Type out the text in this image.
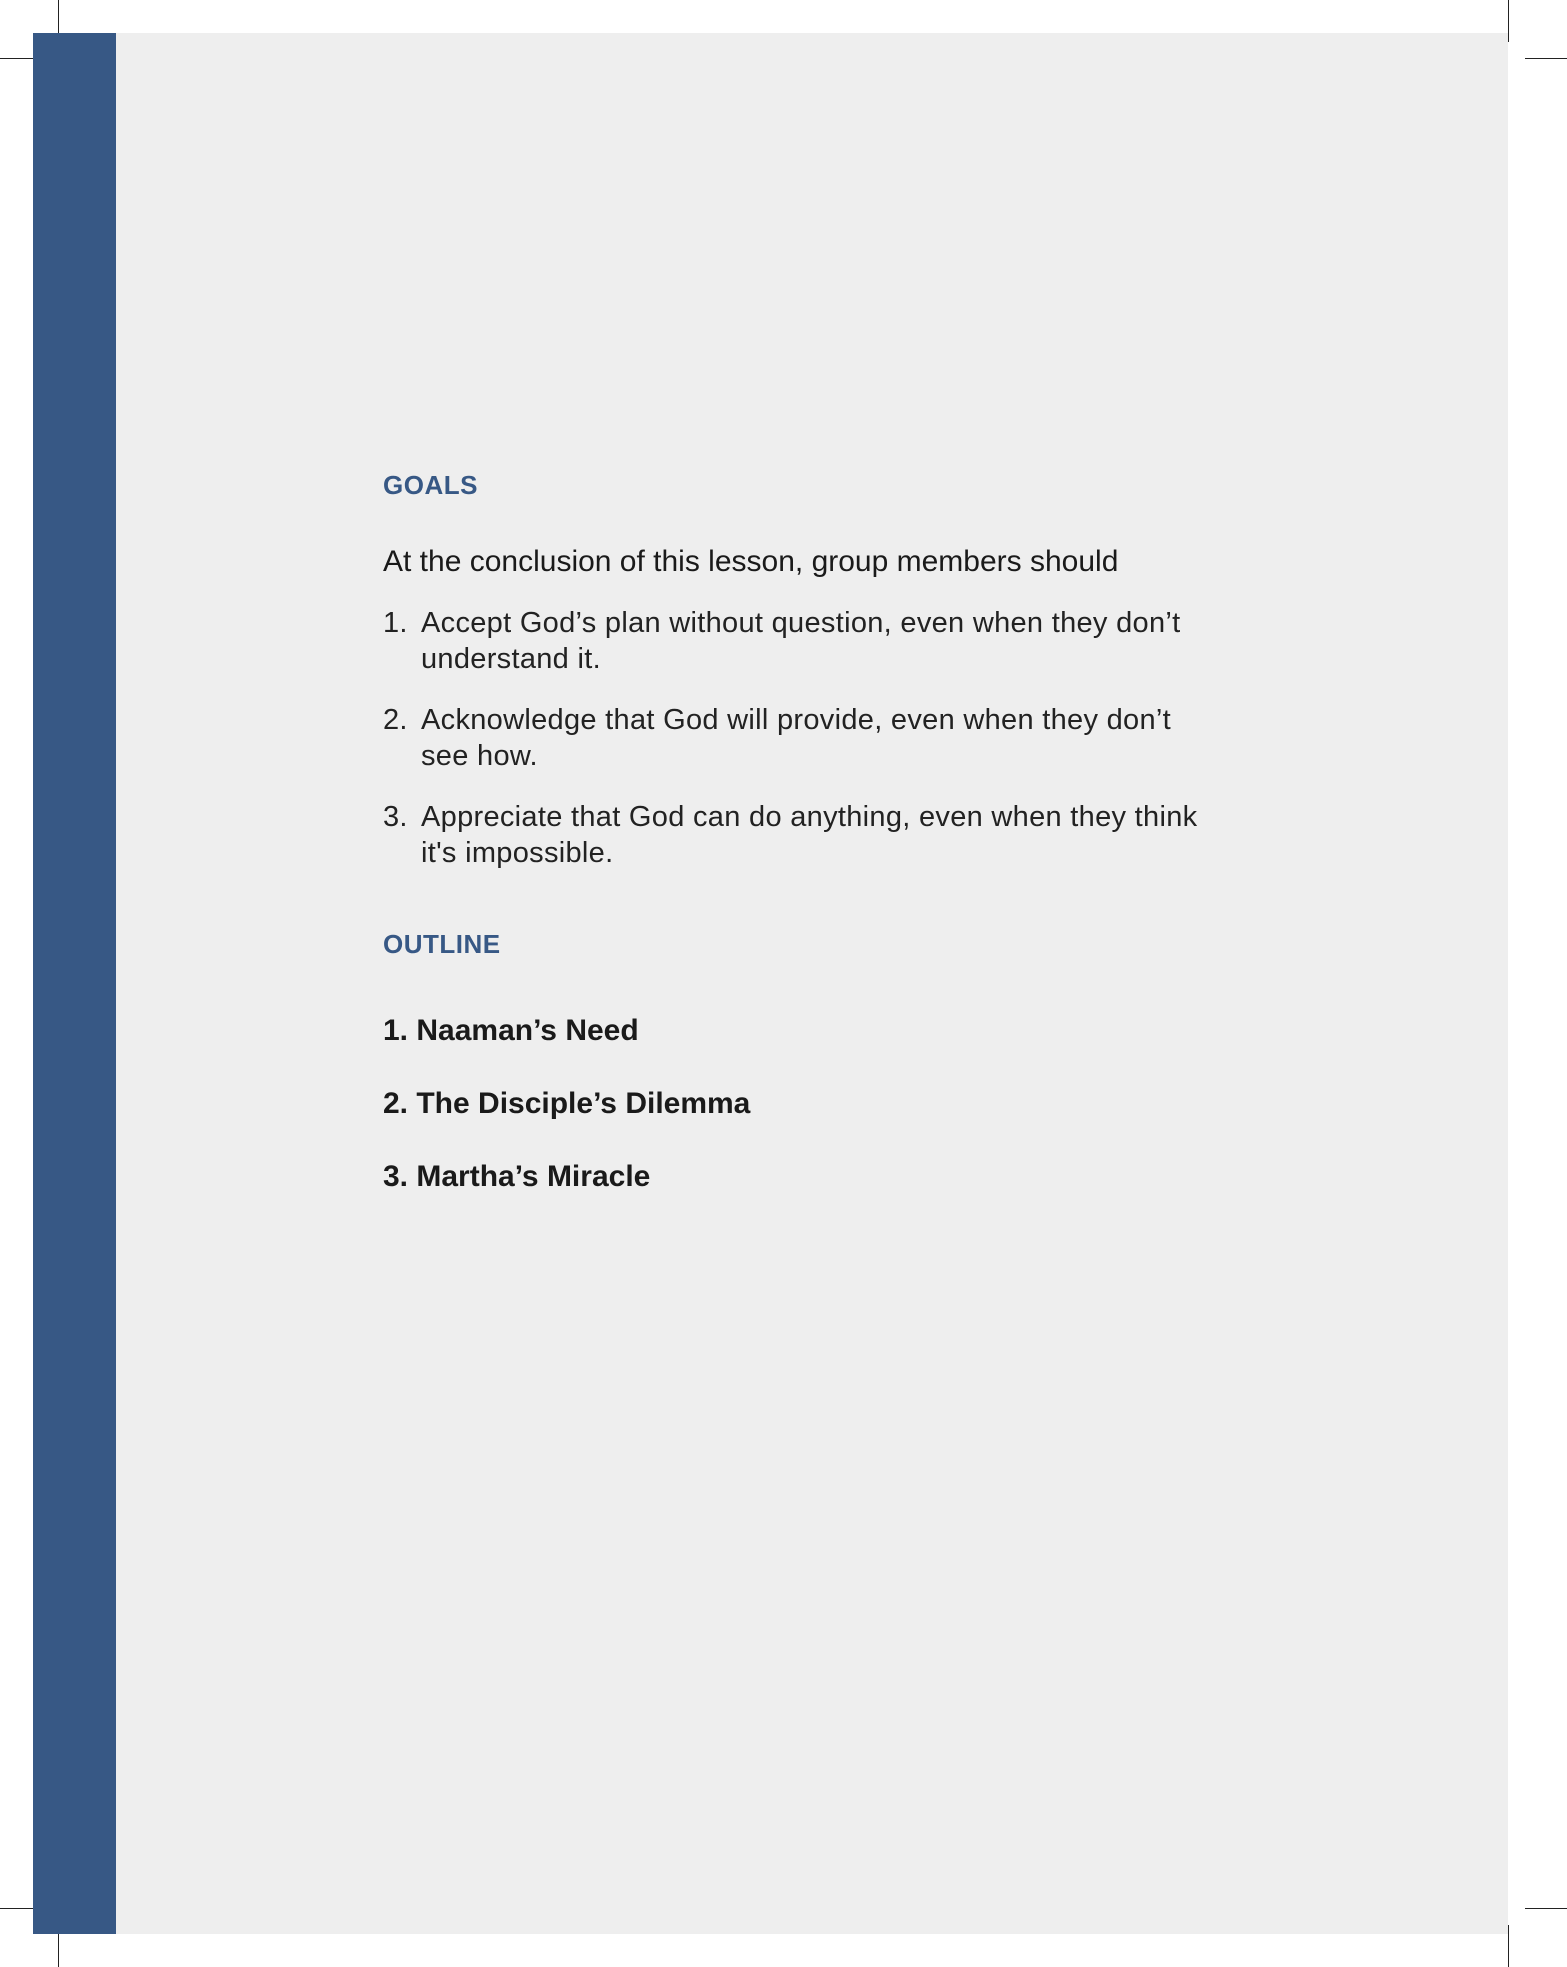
GOALS

At the conclusion of this lesson, group members should

1. Accept God’s plan without question, even when they don’t understand it.
2. Acknowledge that God will provide, even when they don’t see how.
3. Appreciate that God can do anything, even when they think it's impossible.
OUTLINE
1. Naaman’s Need
2. The Disciple’s Dilemma
3. Martha’s Miracle
